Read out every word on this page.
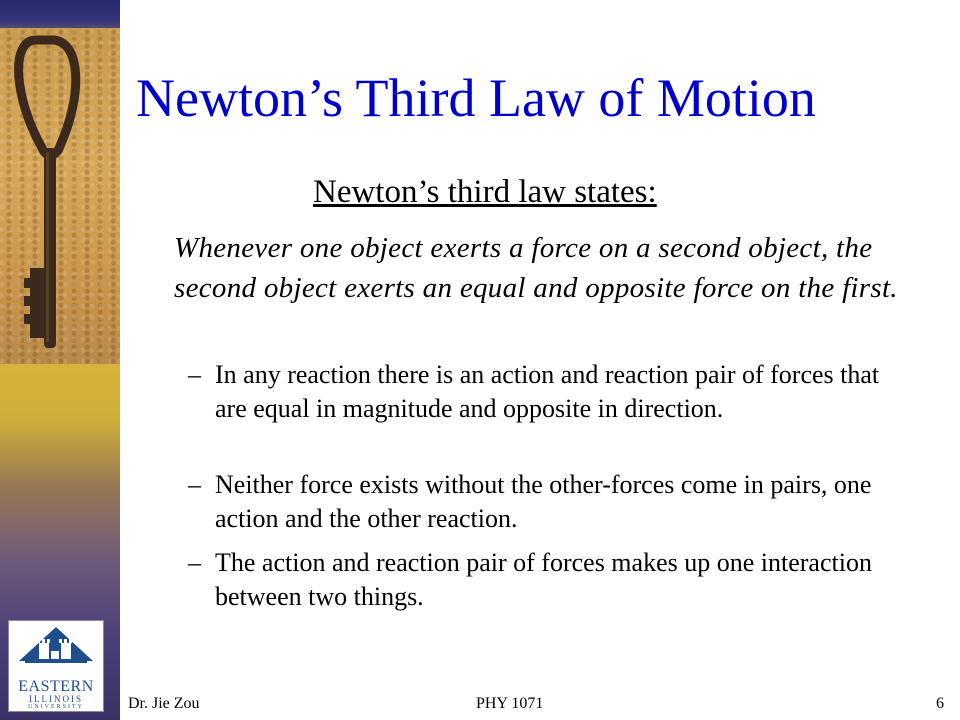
EASTERN
ILLINOIS
UNIVERSITY
Newton’s Third Law of Motion
Newton’s third law states:
Whenever one object exerts a force on a second object, the second object exerts an equal and opposite force on the first.
– In any reaction there is an action and reaction pair of forces that are equal in magnitude and opposite in direction.
– Neither force exists without the other-forces come in pairs, one action and the other reaction.
– The action and reaction pair of forces makes up one interaction between two things.
Dr. Jie Zou	PHY 1071	6
